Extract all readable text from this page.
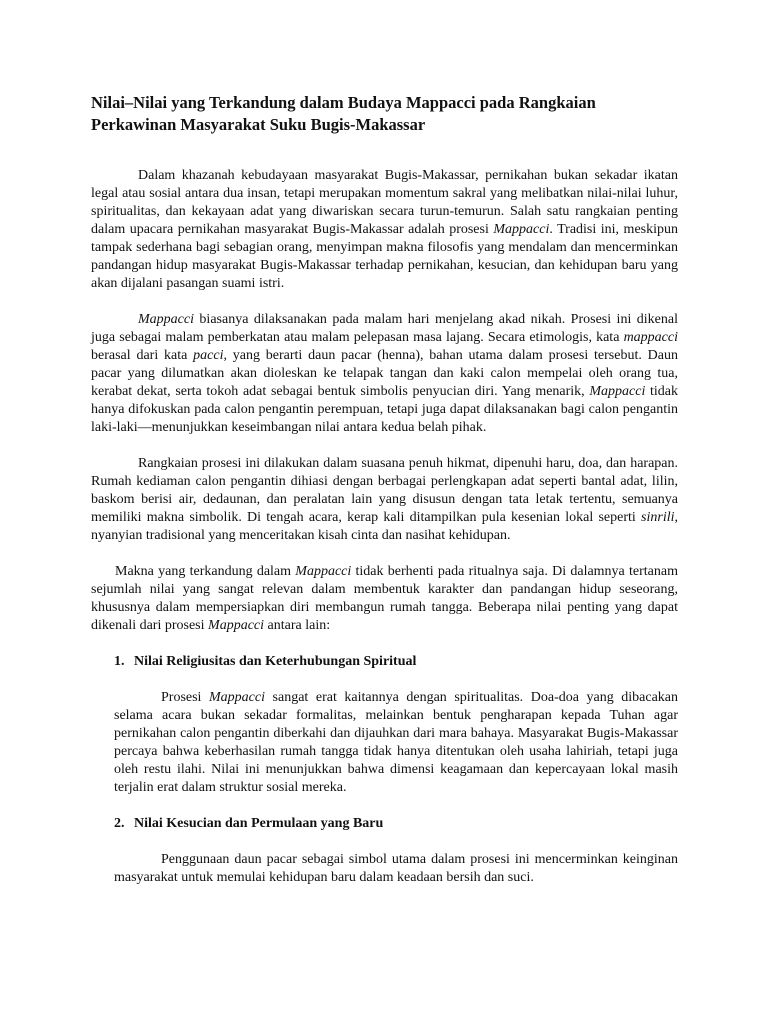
Nilai–Nilai yang Terkandung dalam Budaya Mappacci pada Rangkaian Perkawinan Masyarakat Suku Bugis-Makassar

Dalam khazanah kebudayaan masyarakat Bugis-Makassar, pernikahan bukan sekadar ikatan legal atau sosial antara dua insan, tetapi merupakan momentum sakral yang melibatkan nilai-nilai luhur, spiritualitas, dan kekayaan adat yang diwariskan secara turun-temurun. Salah satu rangkaian penting dalam upacara pernikahan masyarakat Bugis-Makassar adalah prosesi Mappacci. Tradisi ini, meskipun tampak sederhana bagi sebagian orang, menyimpan makna filosofis yang mendalam dan mencerminkan pandangan hidup masyarakat Bugis-Makassar terhadap pernikahan, kesucian, dan kehidupan baru yang akan dijalani pasangan suami istri.

Mappacci biasanya dilaksanakan pada malam hari menjelang akad nikah. Prosesi ini dikenal juga sebagai malam pemberkatan atau malam pelepasan masa lajang. Secara etimologis, kata mappacci berasal dari kata pacci, yang berarti daun pacar (henna), bahan utama dalam prosesi tersebut. Daun pacar yang dilumatkan akan dioleskan ke telapak tangan dan kaki calon mempelai oleh orang tua, kerabat dekat, serta tokoh adat sebagai bentuk simbolis penyucian diri. Yang menarik, Mappacci tidak hanya difokuskan pada calon pengantin perempuan, tetapi juga dapat dilaksanakan bagi calon pengantin laki-laki—menunjukkan keseimbangan nilai antara kedua belah pihak.

Rangkaian prosesi ini dilakukan dalam suasana penuh hikmat, dipenuhi haru, doa, dan harapan. Rumah kediaman calon pengantin dihiasi dengan berbagai perlengkapan adat seperti bantal adat, lilin, baskom berisi air, dedaunan, dan peralatan lain yang disusun dengan tata letak tertentu, semuanya memiliki makna simbolik. Di tengah acara, kerap kali ditampilkan pula kesenian lokal seperti sinrili, nyanyian tradisional yang menceritakan kisah cinta dan nasihat kehidupan.

Makna yang terkandung dalam Mappacci tidak berhenti pada ritualnya saja. Di dalamnya tertanam sejumlah nilai yang sangat relevan dalam membentuk karakter dan pandangan hidup seseorang, khususnya dalam mempersiapkan diri membangun rumah tangga. Beberapa nilai penting yang dapat dikenali dari prosesi Mappacci antara lain:

1. Nilai Religiusitas dan Keterhubungan Spiritual

Prosesi Mappacci sangat erat kaitannya dengan spiritualitas. Doa-doa yang dibacakan selama acara bukan sekadar formalitas, melainkan bentuk pengharapan kepada Tuhan agar pernikahan calon pengantin diberkahi dan dijauhkan dari mara bahaya. Masyarakat Bugis-Makassar percaya bahwa keberhasilan rumah tangga tidak hanya ditentukan oleh usaha lahiriah, tetapi juga oleh restu ilahi. Nilai ini menunjukkan bahwa dimensi keagamaan dan kepercayaan lokal masih terjalin erat dalam struktur sosial mereka.

2. Nilai Kesucian dan Permulaan yang Baru

Penggunaan daun pacar sebagai simbol utama dalam prosesi ini mencerminkan keinginan masyarakat untuk memulai kehidupan baru dalam keadaan bersih dan suci.
